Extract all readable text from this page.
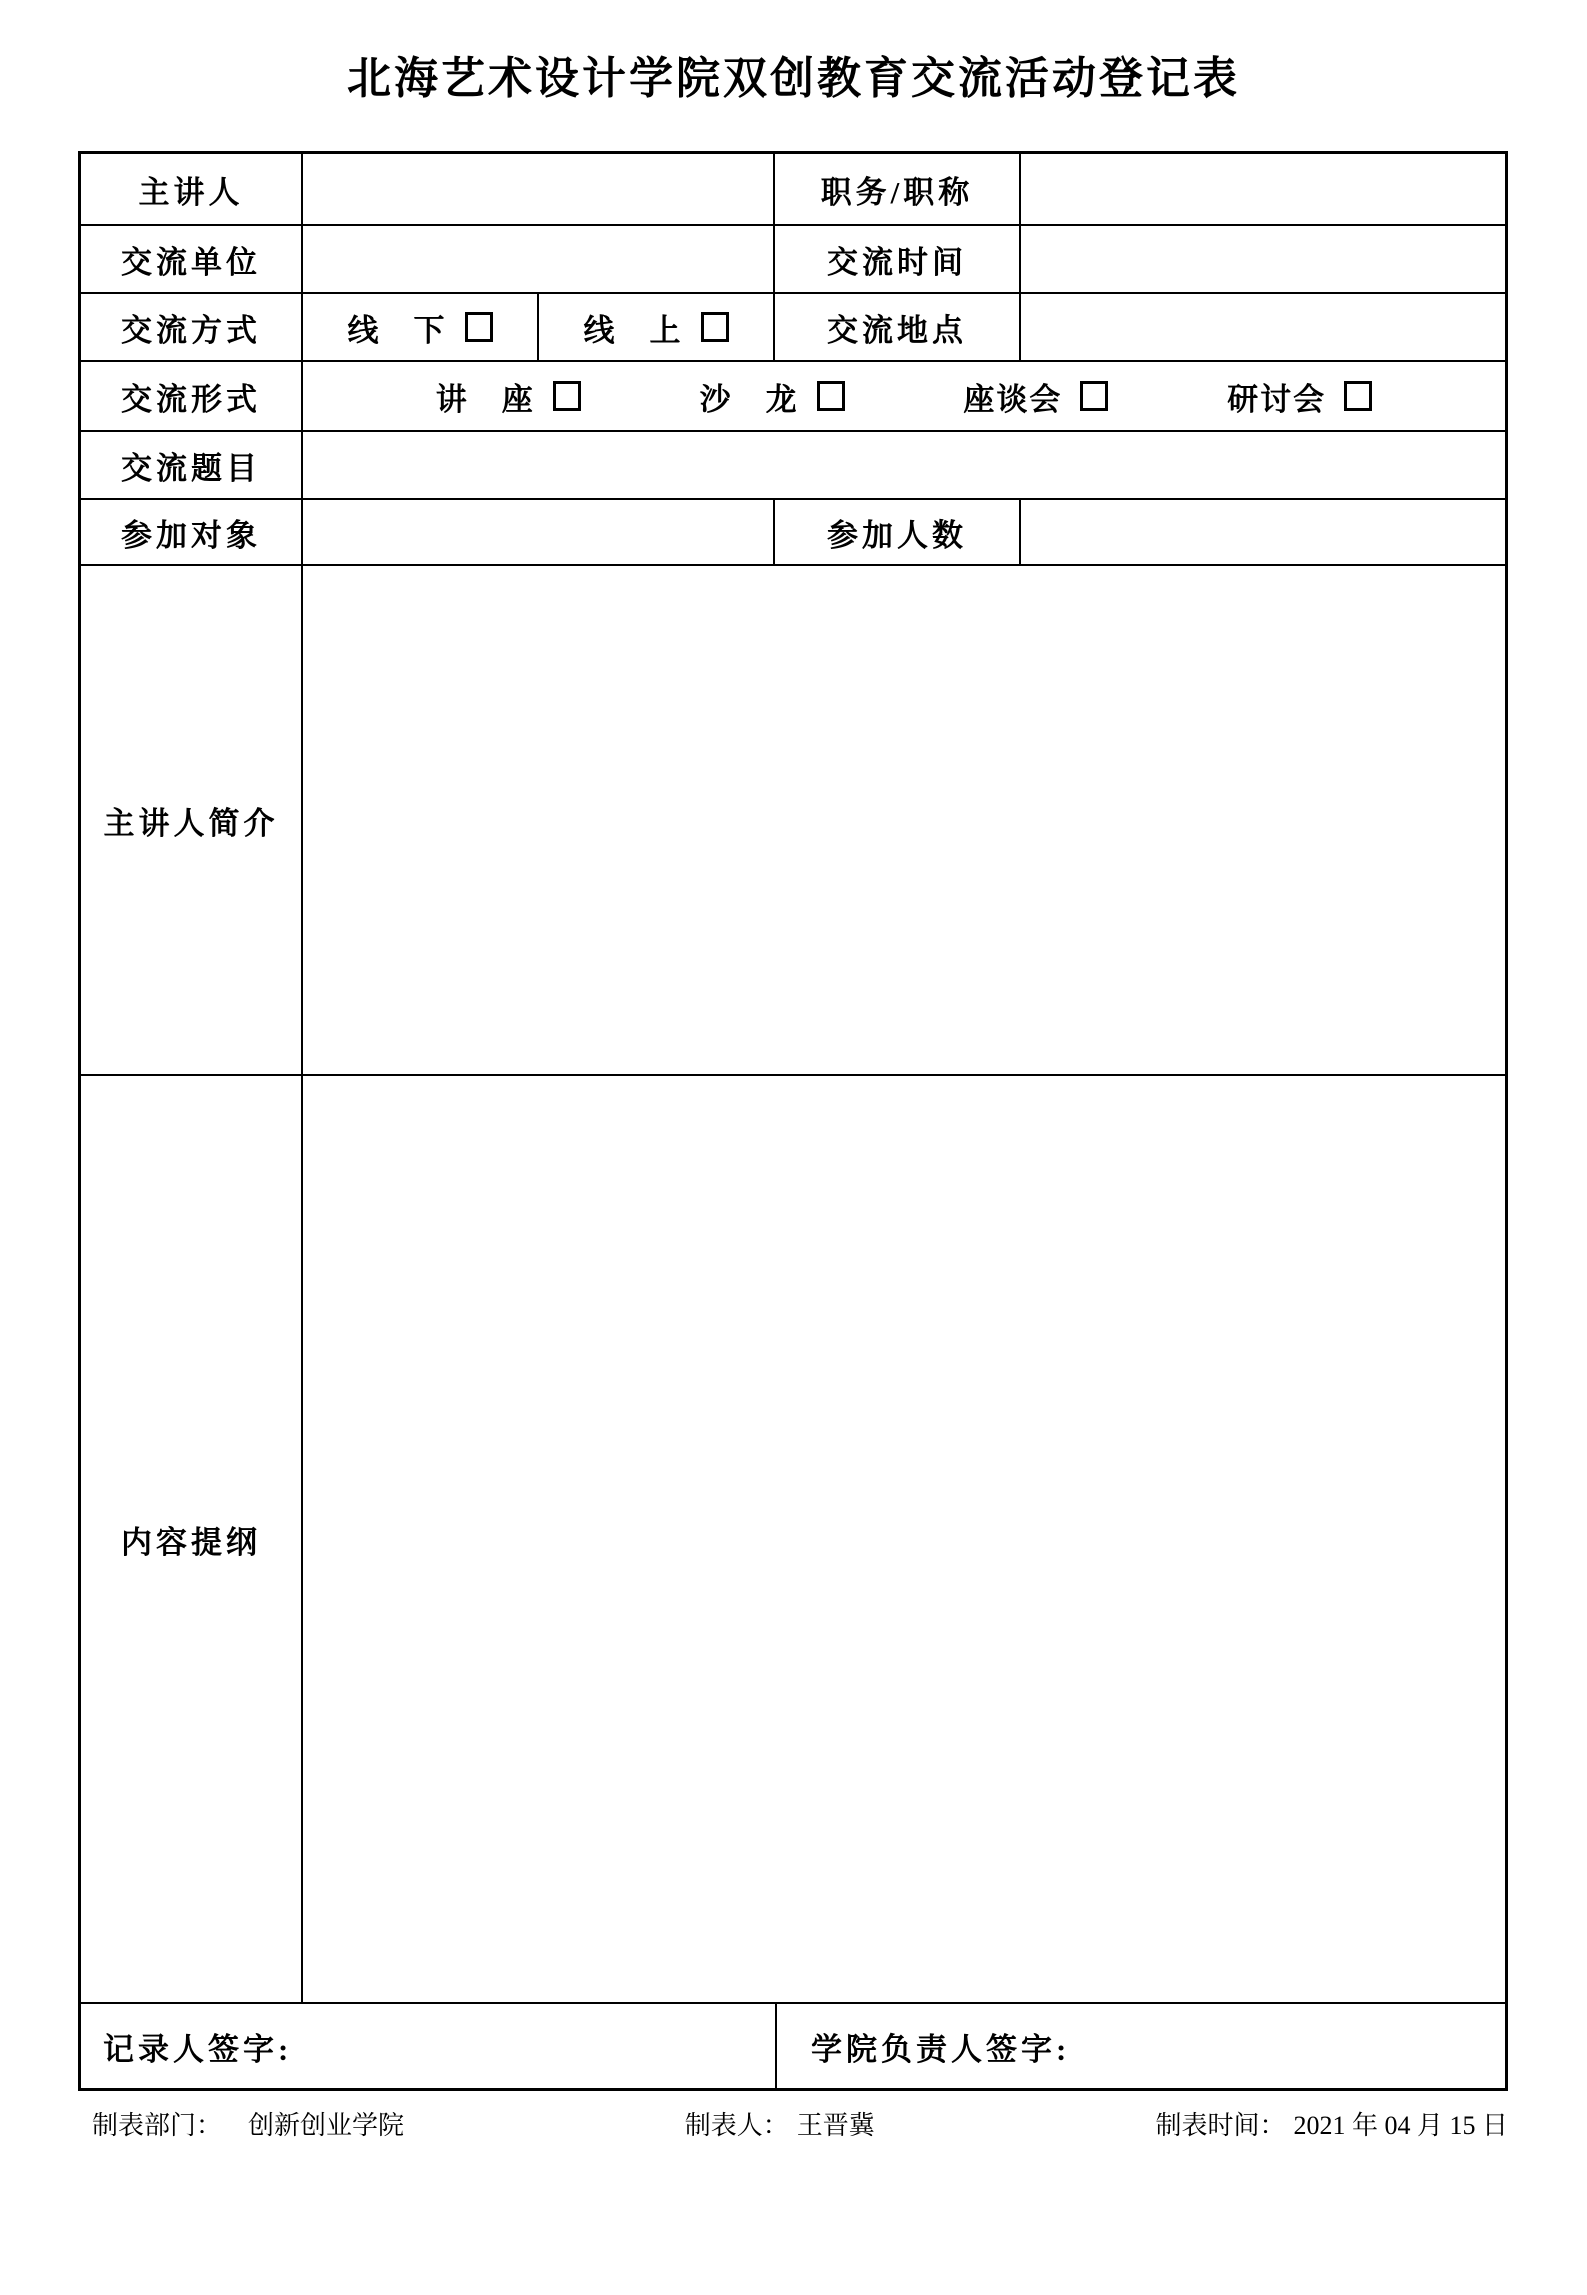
北海艺术设计学院双创教育交流活动登记表
主讲人	职务/职称
交流单位	交流时间
交流方式	线　下	线　上	交流地点
交流形式	讲　座	沙　龙	座谈会	研讨会
交流题目
参加对象	参加人数
主讲人简介
内容提纲
记录人签字:	学院负责人签字:
制表部门： 创新创业学院	制表人： 王晋冀	制表时间： 2021 年 04 月 15 日
